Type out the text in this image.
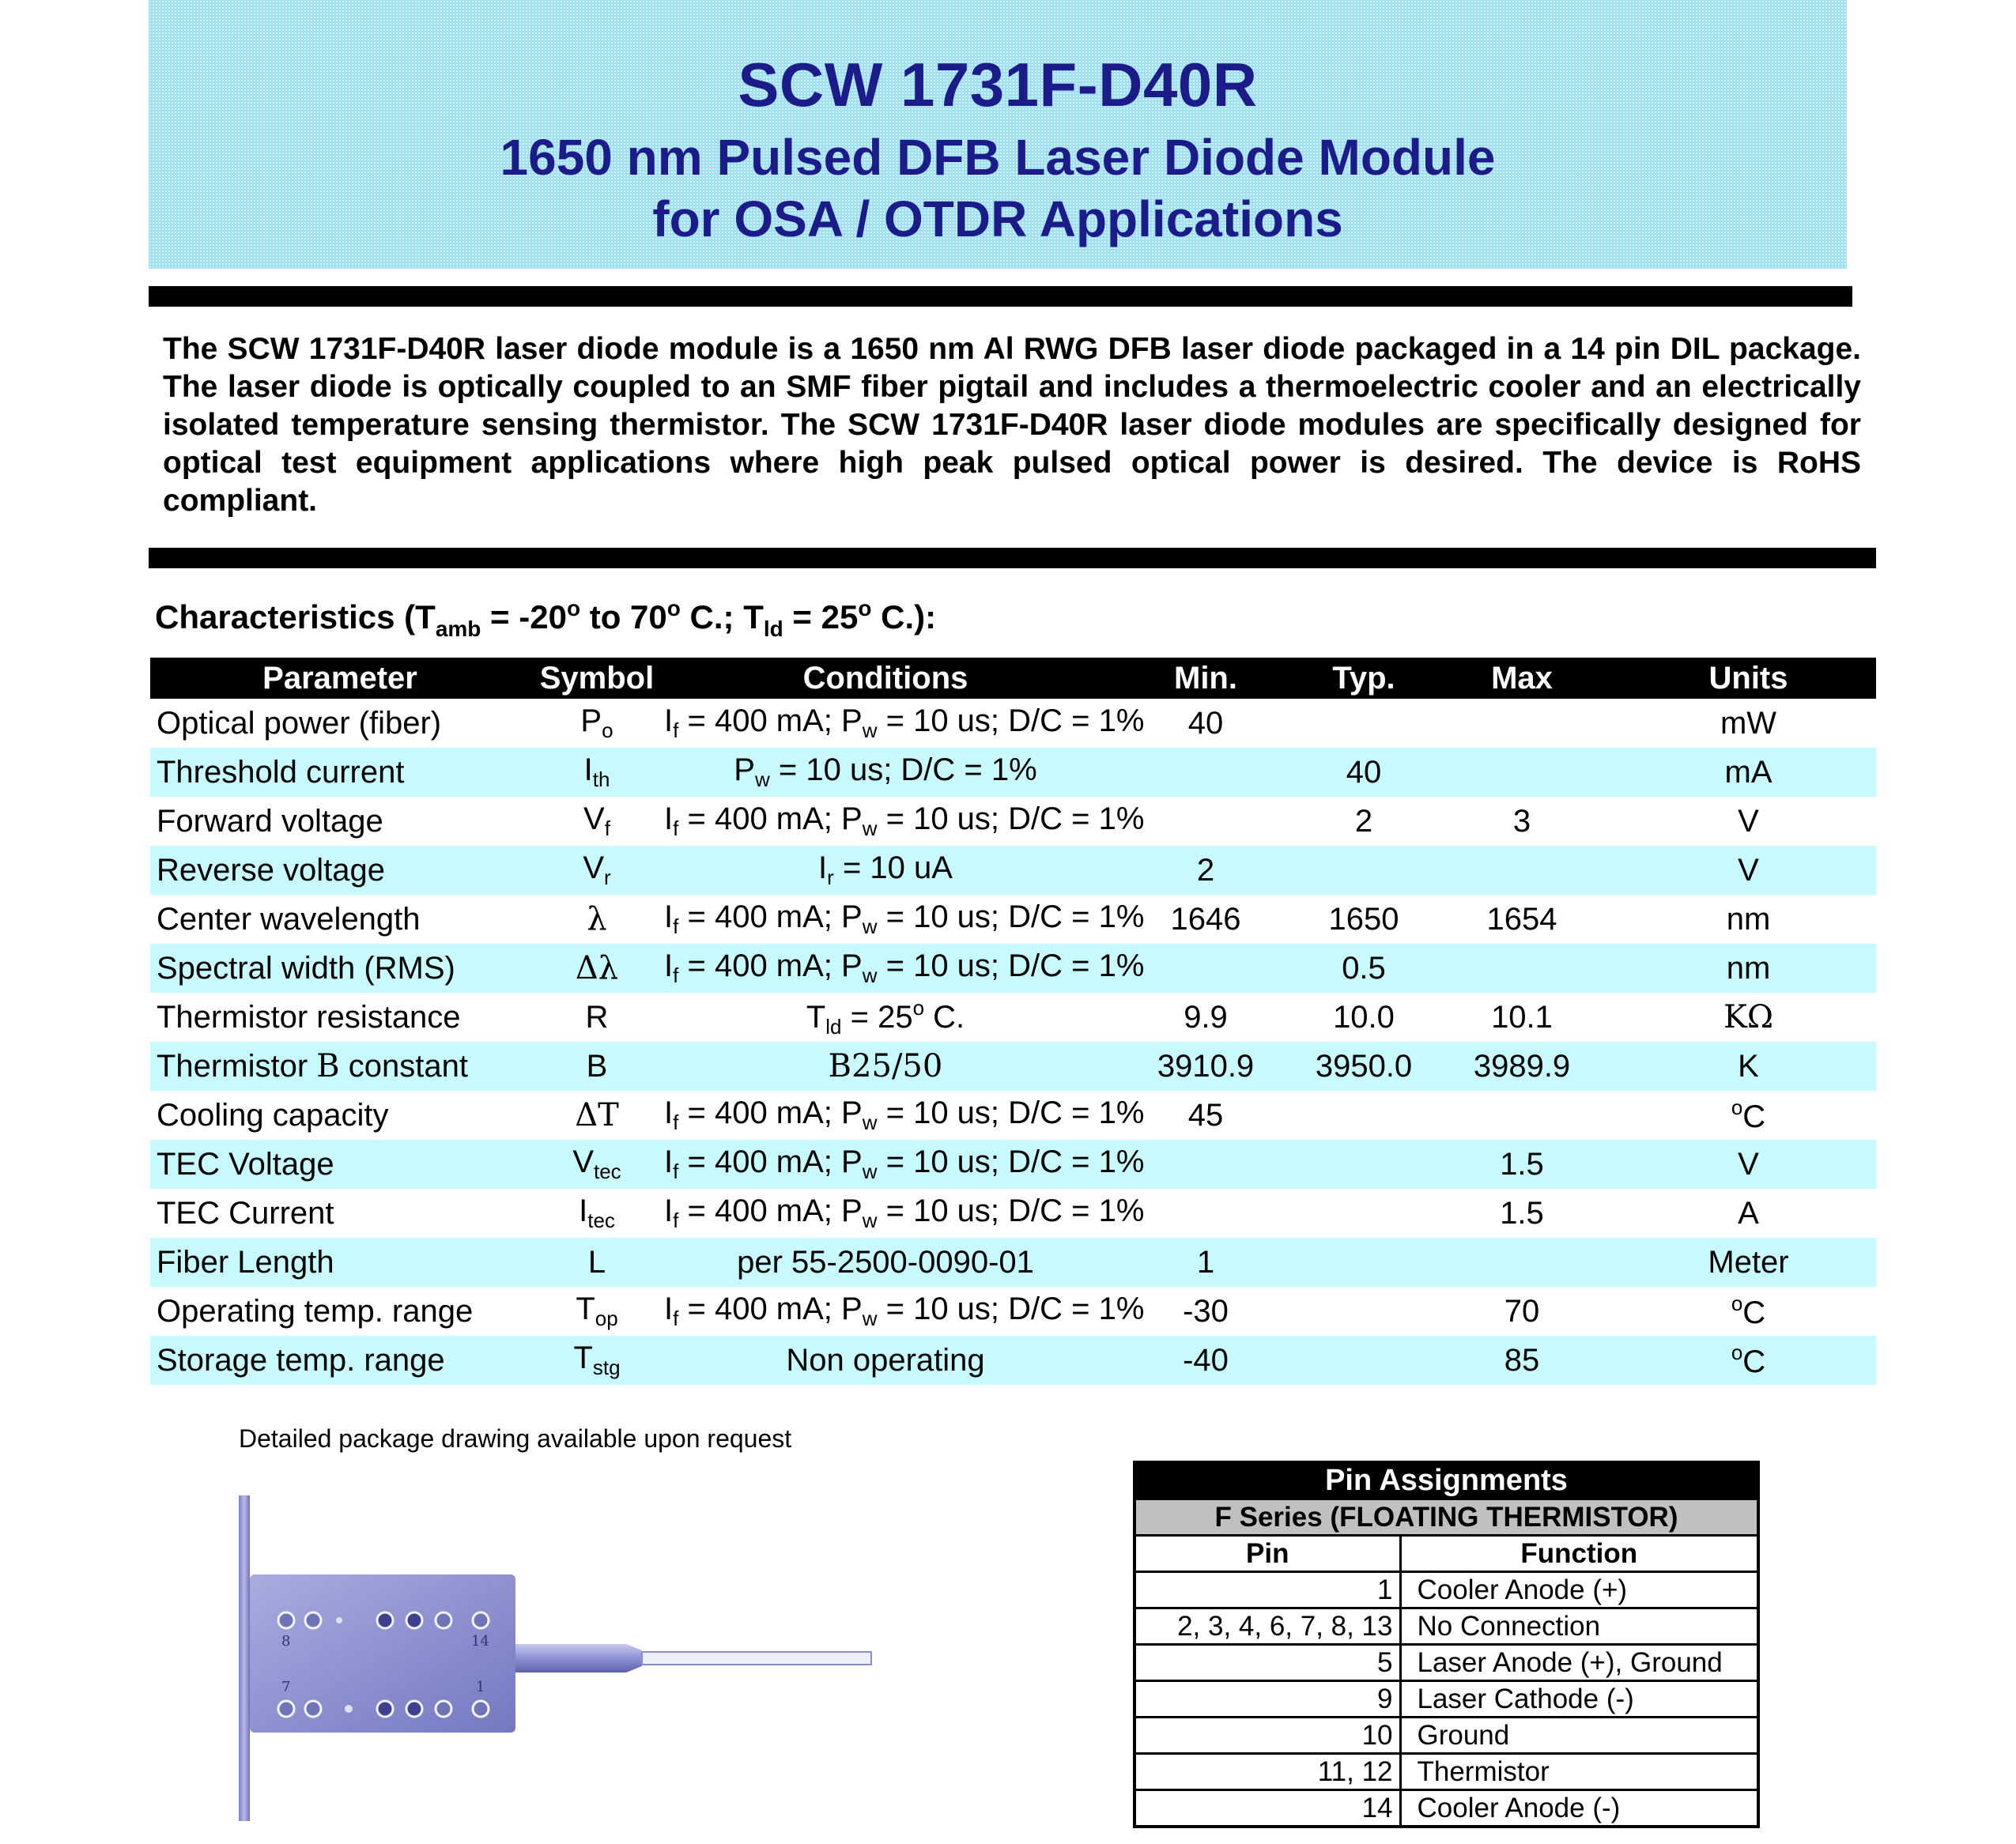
SCW 1731F-D40R
1650 nm Pulsed DFB Laser Diode Module
for OSA / OTDR Applications
The SCW 1731F-D40R laser diode module is a 1650 nm Al RWG DFB laser diode packaged in a 14 pin DIL package. The laser diode is optically coupled to an SMF fiber pigtail and includes a thermoelectric cooler and an electrically isolated temperature sensing thermistor. The SCW 1731F-D40R laser diode modules are specifically designed for optical test equipment applications where high peak pulsed optical power is desired. The device is RoHS compliant.
Characteristics ($T_{amb} = -20^o$ to 70$^o$ C.; $T_{ld} = 25^o$ C.):
Parameter	Symbol	Conditions	Min.	Typ.	Max	Units
Optical power (fiber)	$P_o$	$I_f = 400$ mA; $P_w = 10$ us; D/C = 1%	40			mW
Threshold current	$I_{th}$	$P_w = 10$ us; D/C = 1%		40		mA
Forward voltage	$V_f$	$I_f = 400$ mA; $P_w = 10$ us; D/C = 1%		2	3	V
Reverse voltage	$V_r$	$I_r = 10$ uA	2			V
Center wavelength	λ	$I_f = 400$ mA; $P_w = 10$ us; D/C = 1%	1646	1650	1654	nm
Spectral width (RMS)	Δλ	$I_f = 400$ mA; $P_w = 10$ us; D/C = 1%		0.5		nm
Thermistor resistance	R	$T_{ld} = 25^o$ C.	9.9	10.0	10.1	KΩ
Thermistor B constant	B	B25/50	3910.9	3950.0	3989.9	K
Cooling capacity	ΔT	$I_f = 400$ mA; $P_w = 10$ us; D/C = 1%	45			$^o$C
TEC Voltage	$V_{tec}$	$I_f = 400$ mA; $P_w = 10$ us; D/C = 1%			1.5	V
TEC Current	$I_{tec}$	$I_f = 400$ mA; $P_w = 10$ us; D/C = 1%			1.5	A
Fiber Length	L	per 55-2500-0090-01	1			Meter
Operating temp. range	$T_{op}$	$I_f = 400$ mA; $P_w = 10$ us; D/C = 1%	-30		70	$^o$C
Storage temp. range	$T_{stg}$	Non operating	-40		85	$^o$C
Detailed package drawing available upon request
8	14
7	1
Pin Assignments	
F Series (FLOATING THERMISTOR)	
Pin	Function
1	Cooler Anode (+)
2, 3, 4, 6, 7, 8, 13	No Connection
5	Laser Anode (+), Ground
9	Laser Cathode (-)
10	Ground
11, 12	Thermistor
14	Cooler Anode (-)
